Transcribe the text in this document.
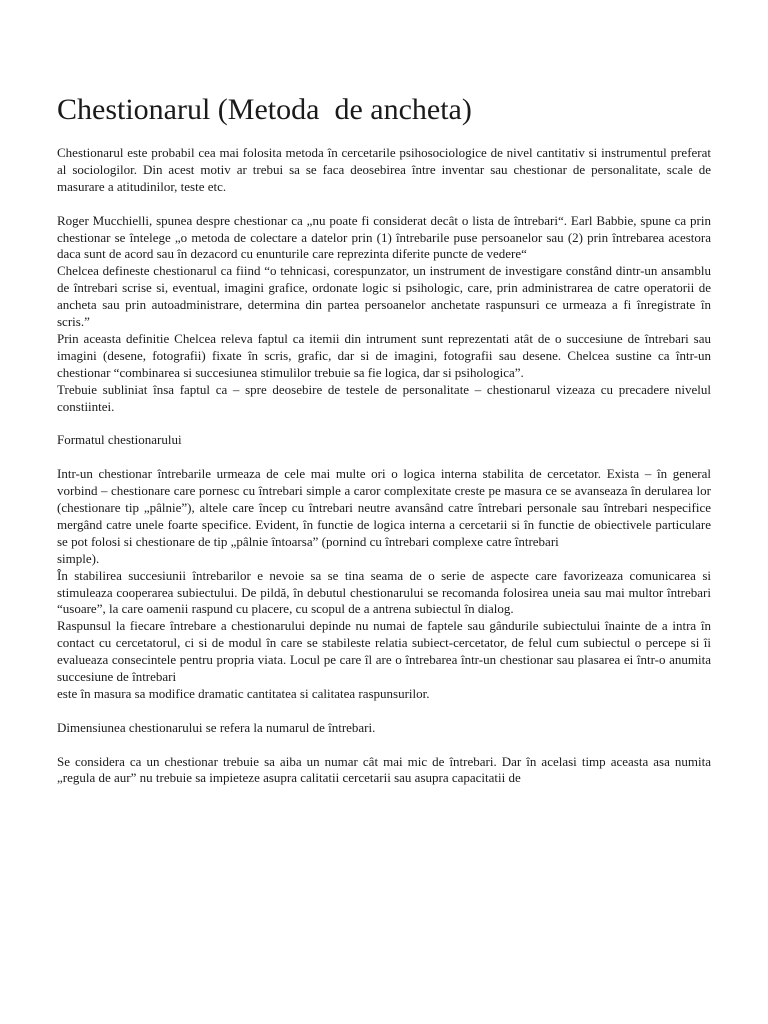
Chestionarul (Metoda  de ancheta)

Chestionarul este probabil cea mai folosita metoda în cercetarile psihosociologice de nivel cantitativ si instrumentul preferat al sociologilor. Din acest motiv ar trebui sa se faca deosebirea între inventar sau chestionar de personalitate, scale de masurare a atitudinilor, teste etc.

Roger Mucchielli, spunea despre chestionar ca „nu poate fi considerat decât o lista de întrebari“. Earl Babbie, spune ca prin chestionar se întelege „o metoda de colectare a datelor prin (1) întrebarile puse persoanelor sau (2) prin întrebarea acestora daca sunt de acord sau în dezacord cu enunturile care reprezinta diferite puncte de vedere“

Chelcea defineste chestionarul ca fiind “o tehnicasi, corespunzator, un instrument de investigare constând dintr-un ansamblu de întrebari scrise si, eventual, imagini grafice, ordonate logic si psihologic, care, prin administrarea de catre operatorii de ancheta sau prin autoadministrare, determina din partea persoanelor anchetate raspunsuri ce urmeaza a fi înregistrate în scris.”

Prin aceasta definitie Chelcea releva faptul ca itemii din intrument sunt reprezentati atât de o succesiune de întrebari sau imagini (desene, fotografii) fixate în scris, grafic, dar si de imagini, fotografii sau desene. Chelcea sustine ca într-un chestionar “combinarea si succesiunea stimulilor trebuie sa fie logica, dar si psihologica”.

Trebuie subliniat însa faptul ca – spre deosebire de testele de personalitate – chestionarul vizeaza cu precadere nivelul constiintei.

Formatul chestionarului

Intr-un chestionar întrebarile urmeaza de cele mai multe ori o logica interna stabilita de cercetator. Exista – în general vorbind – chestionare care pornesc cu întrebari simple a caror complexitate creste pe masura ce se avanseaza în derularea lor (chestionare tip „pâlnie”), altele care încep cu întrebari neutre avansând catre întrebari personale sau întrebari nespecifice mergând catre unele foarte specifice. Evident, în functie de logica interna a cercetarii si în functie de obiectivele particulare se pot folosi si chestionare de tip „pâlnie întoarsa” (pornind cu întrebari complexe catre întrebari

simple).

În stabilirea succesiunii întrebarilor e nevoie sa se tina seama de o serie de aspecte care favorizeaza comunicarea si stimuleaza cooperarea subiectului. De pildă, în debutul chestionarului se recomanda folosirea uneia sau mai multor întrebari “usoare”, la care oamenii raspund cu placere, cu scopul de a antrena subiectul în dialog.

Raspunsul la fiecare întrebare a chestionarului depinde nu numai de faptele sau gândurile subiectului înainte de a intra în contact cu cercetatorul, ci si de modul în care se stabileste relatia subiect-cercetator, de felul cum subiectul o percepe si îi evalueaza consecintele pentru propria viata. Locul pe care îl are o întrebarea într-un chestionar sau plasarea ei într-o anumita succesiune de întrebari

este în masura sa modifice dramatic cantitatea si calitatea raspunsurilor.

Dimensiunea chestionarului se refera la numarul de întrebari.

Se considera ca un chestionar trebuie sa aiba un numar cât mai mic de întrebari. Dar în acelasi timp aceasta asa numita „regula de aur” nu trebuie sa impieteze asupra calitatii cercetarii sau asupra capacitatii de
